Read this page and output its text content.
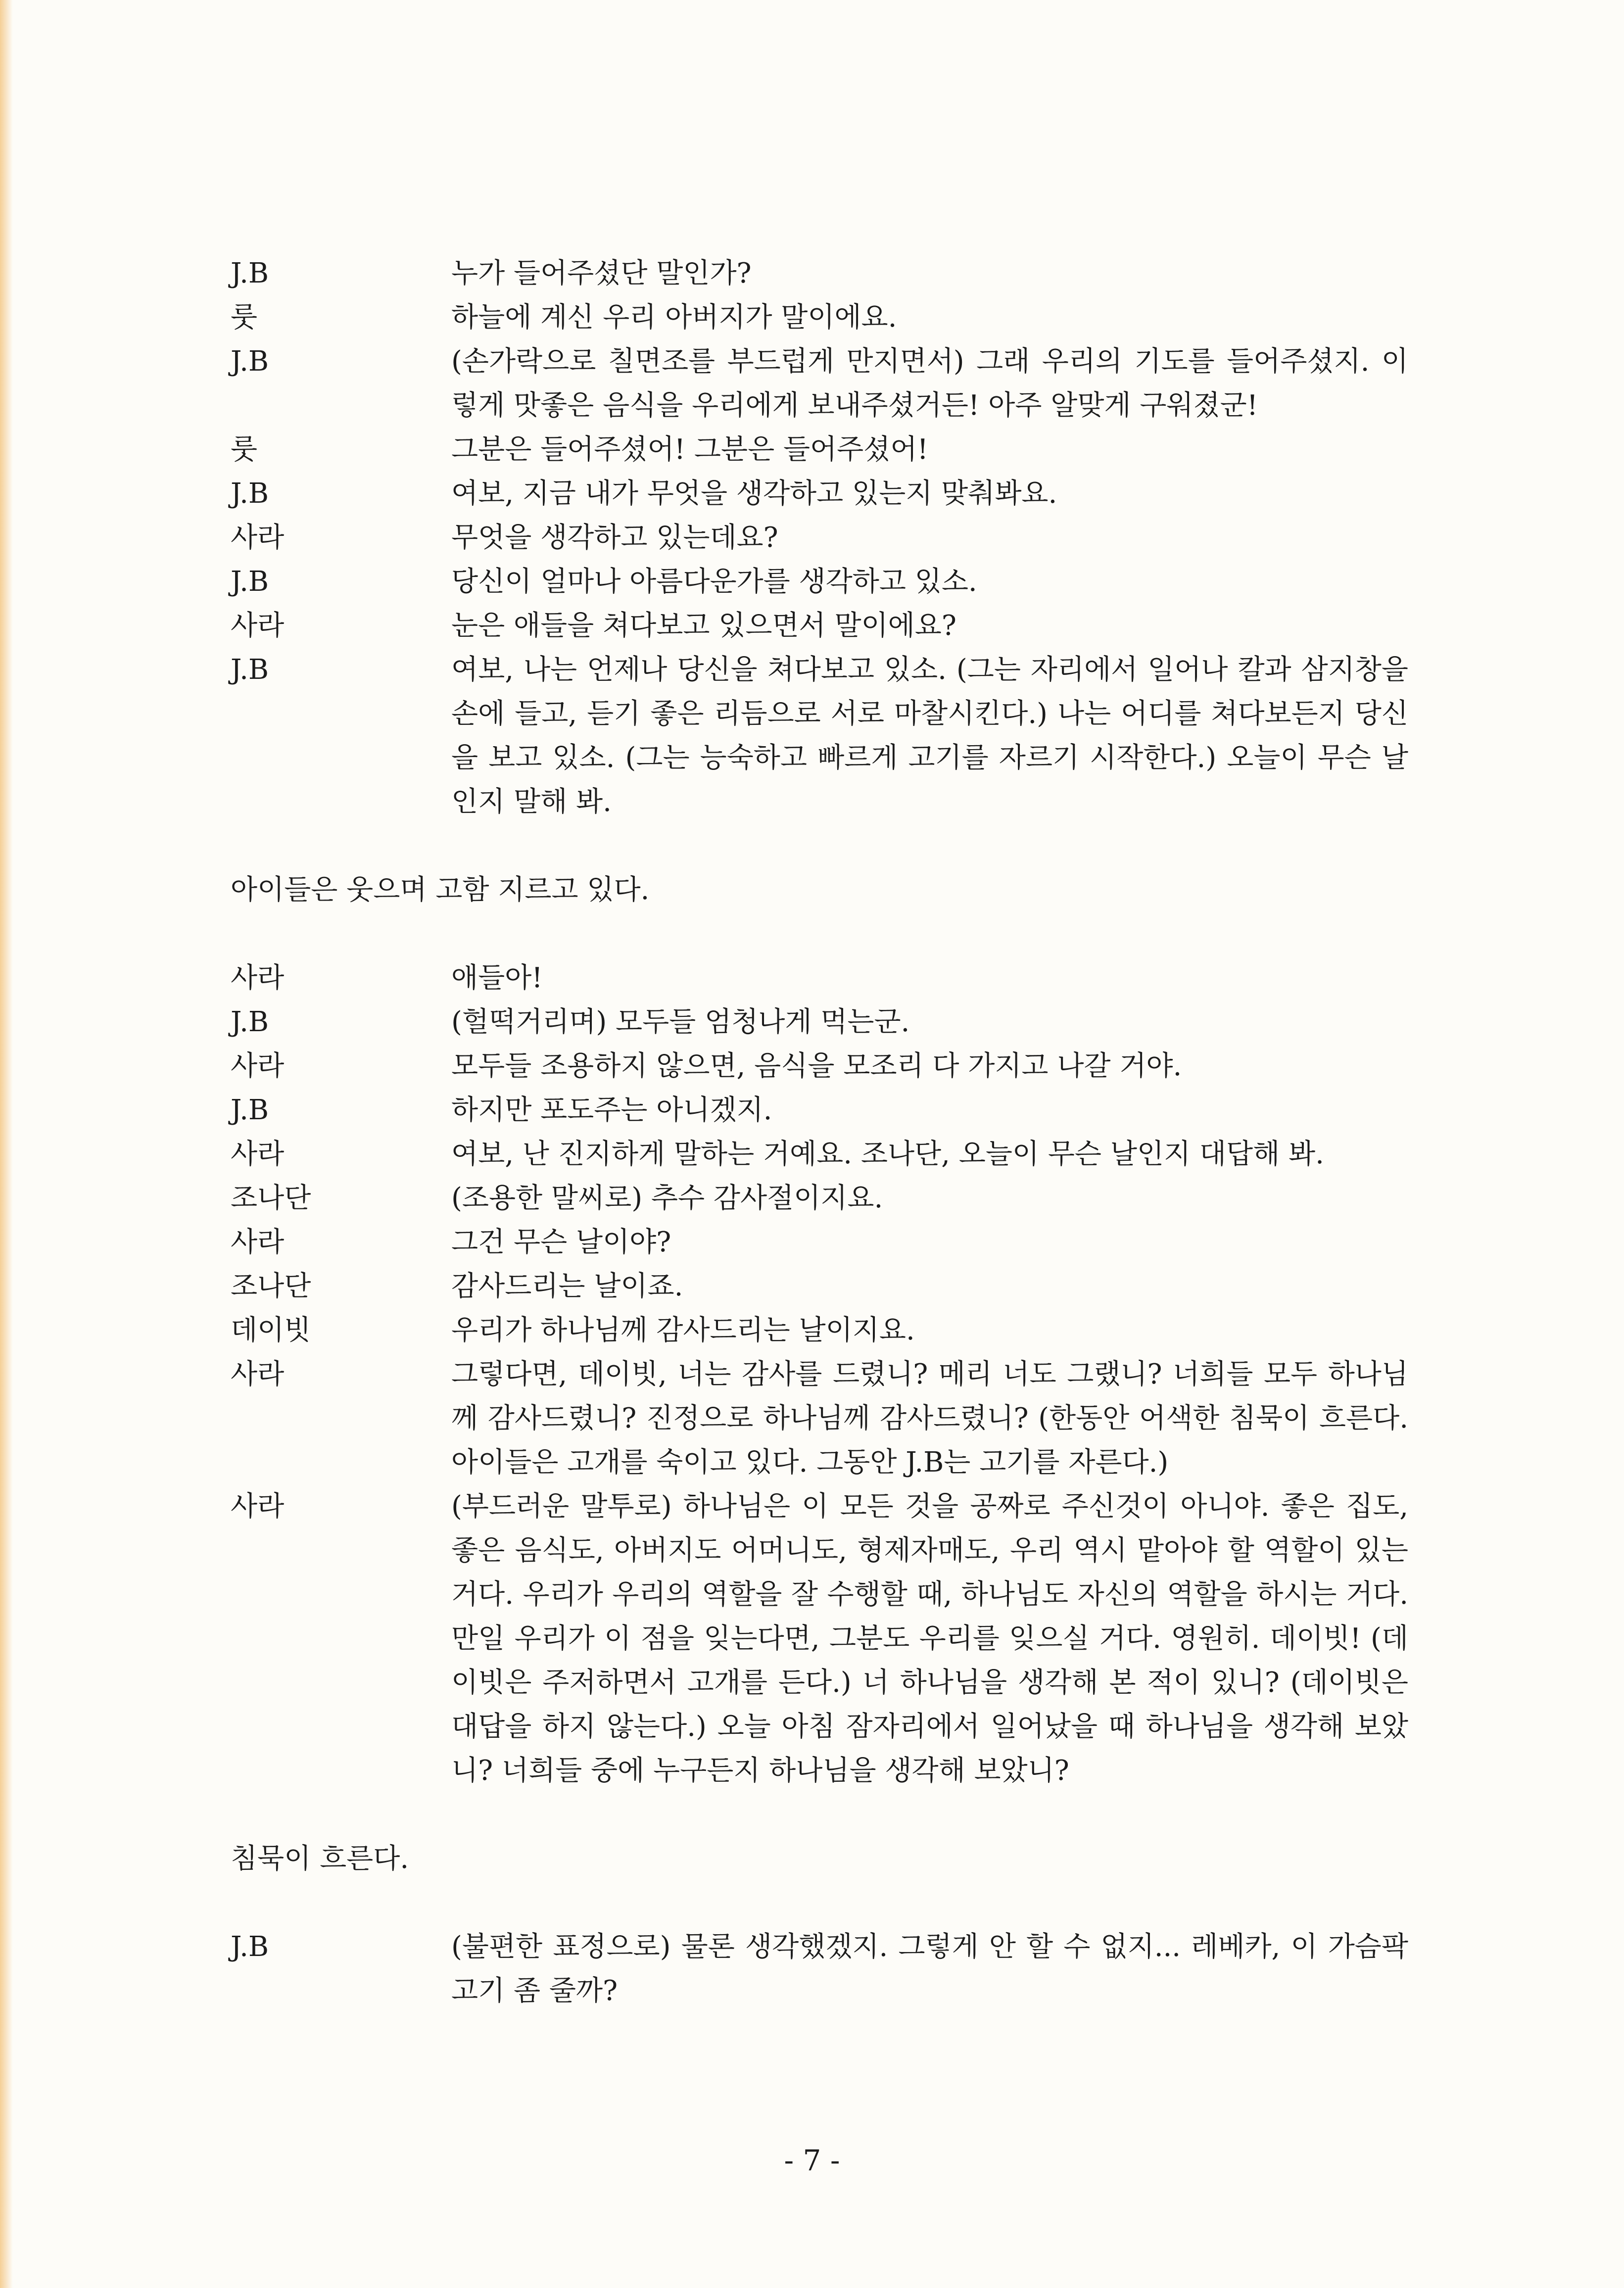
J.B	누가 들어주셨단 말인가?
룻	하늘에 계신 우리 아버지가 말이에요.
J.B	(손가락으로 칠면조를 부드럽게 만지면서) 그래 우리의 기도를 들어주셨지. 이렇게 맛좋은 음식을 우리에게 보내주셨거든! 아주 알맞게 구워졌군!
룻	그분은 들어주셨어! 그분은 들어주셨어!
J.B	여보, 지금 내가 무엇을 생각하고 있는지 맞춰봐요.
사라	무엇을 생각하고 있는데요?
J.B	당신이 얼마나 아름다운가를 생각하고 있소.
사라	눈은 애들을 쳐다보고 있으면서 말이에요?
J.B	여보, 나는 언제나 당신을 쳐다보고 있소. (그는 자리에서 일어나 칼과 삼지창을 손에 들고, 듣기 좋은 리듬으로 서로 마찰시킨다.) 나는 어디를 쳐다보든지 당신을 보고 있소. (그는 능숙하고 빠르게 고기를 자르기 시작한다.) 오늘이 무슨 날인지 말해 봐.
아이들은 웃으며 고함 지르고 있다.
사라	애들아!
J.B	(헐떡거리며) 모두들 엄청나게 먹는군.
사라	모두들 조용하지 않으면, 음식을 모조리 다 가지고 나갈 거야.
J.B	하지만 포도주는 아니겠지.
사라	여보, 난 진지하게 말하는 거예요. 조나단, 오늘이 무슨 날인지 대답해 봐.
조나단	(조용한 말씨로) 추수 감사절이지요.
사라	그건 무슨 날이야?
조나단	감사드리는 날이죠.
데이빗	우리가 하나님께 감사드리는 날이지요.
사라	그렇다면, 데이빗, 너는 감사를 드렸니? 메리 너도 그랬니? 너희들 모두 하나님께 감사드렸니? 진정으로 하나님께 감사드렸니? (한동안 어색한 침묵이 흐른다. 아이들은 고개를 숙이고 있다. 그동안 J.B는 고기를 자른다.)
사라	(부드러운 말투로) 하나님은 이 모든 것을 공짜로 주신것이 아니야. 좋은 집도, 좋은 음식도, 아버지도 어머니도, 형제자매도, 우리 역시 맡아야 할 역할이 있는 거다. 우리가 우리의 역할을 잘 수행할 때, 하나님도 자신의 역할을 하시는 거다. 만일 우리가 이 점을 잊는다면, 그분도 우리를 잊으실 거다. 영원히. 데이빗! (데이빗은 주저하면서 고개를 든다.) 너 하나님을 생각해 본 적이 있니? (데이빗은 대답을 하지 않는다.) 오늘 아침 잠자리에서 일어났을 때 하나님을 생각해 보았니? 너희들 중에 누구든지 하나님을 생각해 보았니?
침묵이 흐른다.
J.B	(불편한 표정으로) 물론 생각했겠지. 그렇게 안 할 수 없지... 레베카, 이 가슴팍 고기 좀 줄까?
- 7 -
